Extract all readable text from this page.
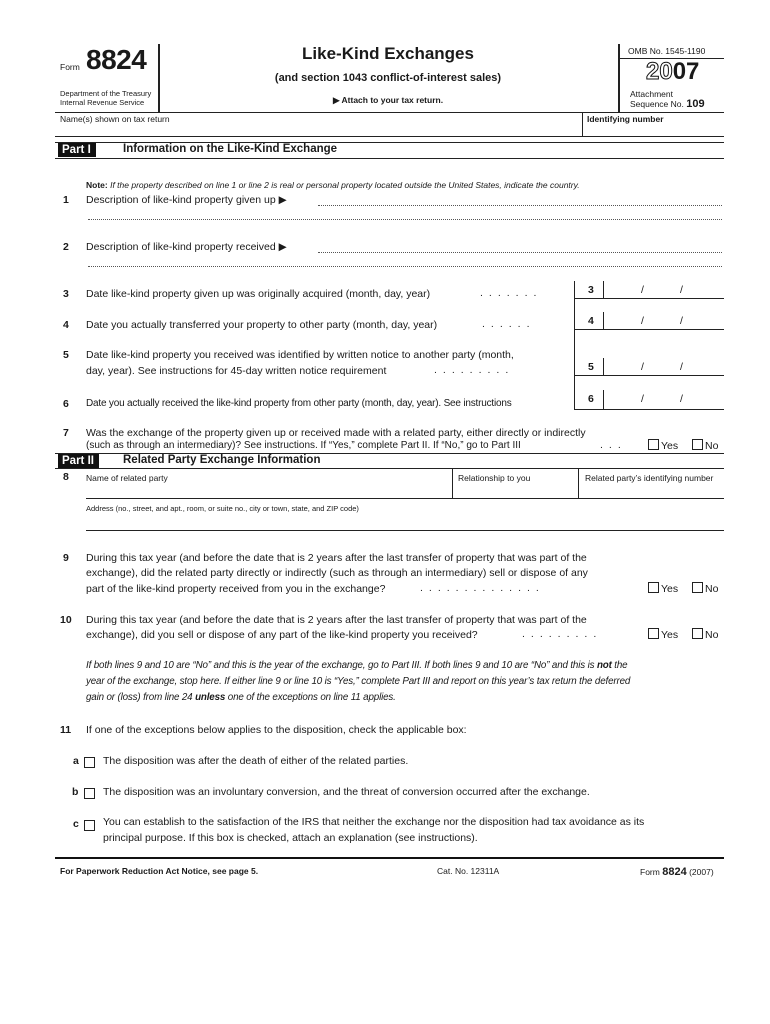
Form 8824
Department of the Treasury
Internal Revenue Service
Like-Kind Exchanges
(and section 1043 conflict-of-interest sales)
▶ Attach to your tax return.
OMB No. 1545-1190
2007
Attachment
Sequence No. 109
Name(s) shown on tax return	Identifying number
Part I	Information on the Like-Kind Exchange
Note: If the property described on line 1 or line 2 is real or personal property located outside the United States, indicate the country.
1 Description of like-kind property given up ▶
2 Description of like-kind property received ▶
3 Date like-kind property given up was originally acquired (month, day, year)	.......	3	/	/
4 Date you actually transferred your property to other party (month, day, year)	......	4	/	/
5 Date like-kind property you received was identified by written notice to another party (month,
day, year). See instructions for 45-day written notice requirement	.........	5	/	/
6 Date you actually received the like-kind property from other party (month, day, year). See instructions	6	/	/
7 Was the exchange of the property given up or received made with a related party, either directly or indirectly
(such as through an intermediary)? See instructions. If “Yes,” complete Part II. If “No,” go to Part III	...	Yes	No
Part II	Related Party Exchange Information
8 Name of related party	Relationship to you	Related party’s identifying number
Address (no., street, and apt., room, or suite no., city or town, state, and ZIP code)
9 During this tax year (and before the date that is 2 years after the last transfer of property that was part of the
exchange), did the related party directly or indirectly (such as through an intermediary) sell or dispose of any
part of the like-kind property received from you in the exchange?	..............	Yes	No
10 During this tax year (and before the date that is 2 years after the last transfer of property that was part of the
exchange), did you sell or dispose of any part of the like-kind property you received?	.........	Yes	No
If both lines 9 and 10 are “No” and this is the year of the exchange, go to Part III. If both lines 9 and 10 are “No” and this is not the
year of the exchange, stop here. If either line 9 or line 10 is “Yes,” complete Part III and report on this year’s tax return the deferred
gain or (loss) from line 24 unless one of the exceptions on line 11 applies.
11 If one of the exceptions below applies to the disposition, check the applicable box:
a The disposition was after the death of either of the related parties.
b The disposition was an involuntary conversion, and the threat of conversion occurred after the exchange.
c You can establish to the satisfaction of the IRS that neither the exchange nor the disposition had tax avoidance as its
principal purpose. If this box is checked, attach an explanation (see instructions).
For Paperwork Reduction Act Notice, see page 5.	Cat. No. 12311A	Form 8824 (2007)
